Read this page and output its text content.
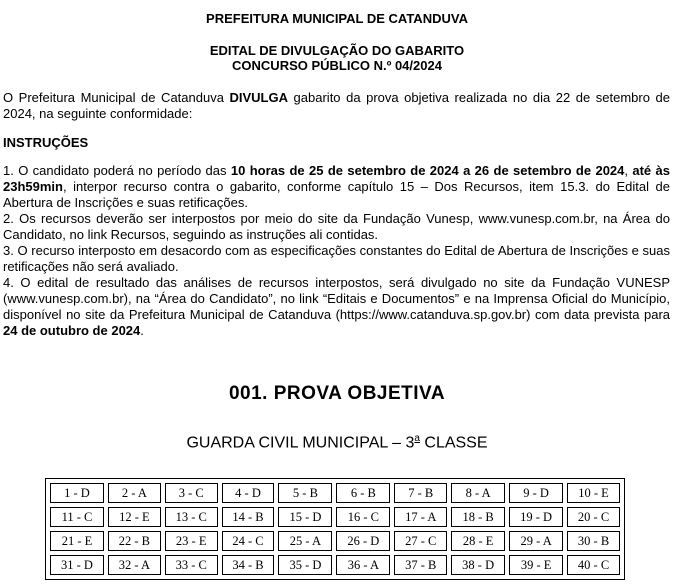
PREFEITURA MUNICIPAL DE CATANDUVA
EDITAL DE DIVULGAÇÃO DO GABARITO
CONCURSO PÚBLICO N.º 04/2024
O Prefeitura Municipal de Catanduva DIVULGA gabarito da prova objetiva realizada no dia 22 de setembro de 2024, na seguinte conformidade:
INSTRUÇÕES

1. O candidato poderá no período das 10 horas de 25 de setembro de 2024 a 26 de setembro de 2024, até às 23h59min, interpor recurso contra o gabarito, conforme capítulo 15 – Dos Recursos, item 15.3. do Edital de Abertura de Inscrições e suas retificações.

2. Os recursos deverão ser interpostos por meio do site da Fundação Vunesp, www.vunesp.com.br, na Área do Candidato, no link Recursos, seguindo as instruções ali contidas.

3. O recurso interposto em desacordo com as especificações constantes do Edital de Abertura de Inscrições e suas retificações não será avaliado.

4. O edital de resultado das análises de recursos interpostos, será divulgado no site da Fundação VUNESP (www.vunesp.com.br), na “Área do Candidato”, no link “Editais e Documentos” e na Imprensa Oficial do Município, disponível no site da Prefeitura Municipal de Catanduva (https://www.catanduva.sp.gov.br) com data prevista para 24 de outubro de 2024.

001. PROVA OBJETIVA
GUARDA CIVIL MUNICIPAL – 3$^a$ CLASSE
1 - D	2 - A	3 - C	4 - D	5 - B	6 - B	7 - B	8 - A	9 - D	10 - E
11 - C	12 - E	13 - C	14 - B	15 - D	16 - C	17 - A	18 - B	19 - D	20 - C
21 - E	22 - B	23 - E	24 - C	25 - A	26 - D	27 - C	28 - E	29 - A	30 - B
31 - D	32 - A	33 - C	34 - B	35 - D	36 - A	37 - B	38 - D	39 - E	40 - C
